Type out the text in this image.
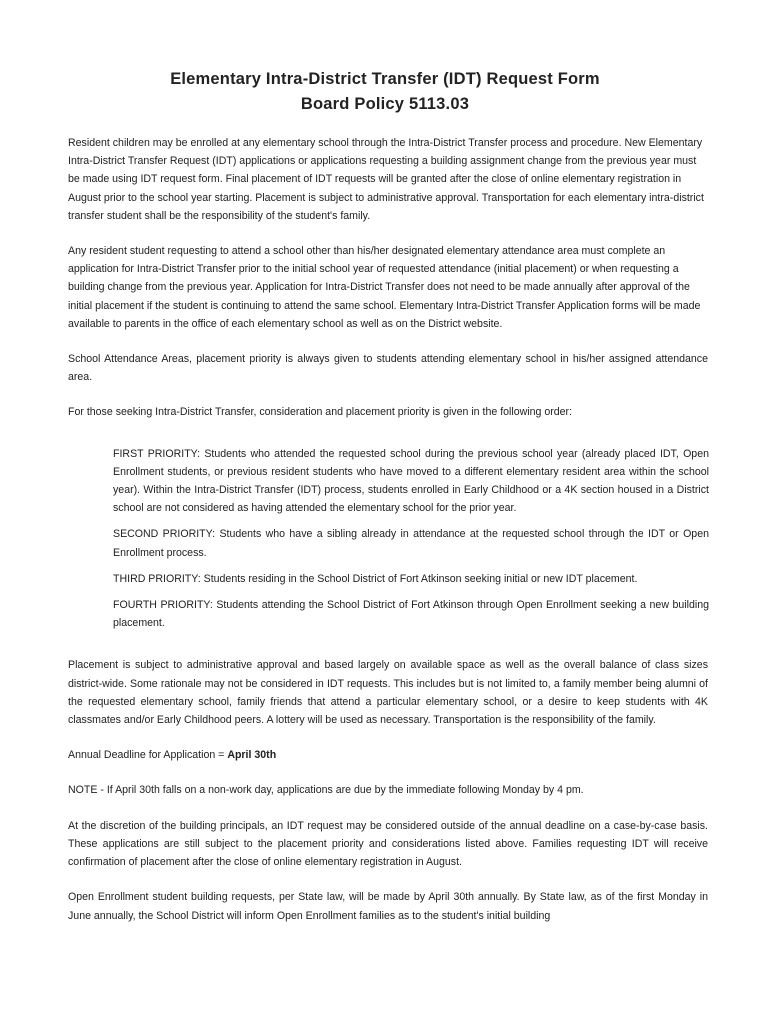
Elementary Intra-District Transfer (IDT) Request Form
Board Policy 5113.03

Resident children may be enrolled at any elementary school through the Intra-District Transfer process and procedure. New Elementary Intra-District Transfer Request (IDT) applications or applications requesting a building assignment change from the previous year must be made using IDT request form. Final placement of IDT requests will be granted after the close of online elementary registration in August prior to the school year starting. Placement is subject to administrative approval. Transportation for each elementary intra-district transfer student shall be the responsibility of the student's family.

Any resident student requesting to attend a school other than his/her designated elementary attendance area must complete an application for Intra-District Transfer prior to the initial school year of requested attendance (initial placement) or when requesting a building change from the previous year. Application for Intra-District Transfer does not need to be made annually after approval of the initial placement if the student is continuing to attend the same school. Elementary Intra-District Transfer Application forms will be made available to parents in the office of each elementary school as well as on the District website.

School Attendance Areas, placement priority is always given to students attending elementary school in his/her assigned attendance area.

For those seeking Intra-District Transfer, consideration and placement priority is given in the following order:

FIRST PRIORITY: Students who attended the requested school during the previous school year (already placed IDT, Open Enrollment students, or previous resident students who have moved to a different elementary resident area within the school year). Within the Intra-District Transfer (IDT) process, students enrolled in Early Childhood or a 4K section housed in a District school are not considered as having attended the elementary school for the prior year.

SECOND PRIORITY: Students who have a sibling already in attendance at the requested school through the IDT or Open Enrollment process.

THIRD PRIORITY: Students residing in the School District of Fort Atkinson seeking initial or new IDT placement.

FOURTH PRIORITY: Students attending the School District of Fort Atkinson through Open Enrollment seeking a new building placement.

Placement is subject to administrative approval and based largely on available space as well as the overall balance of class sizes district-wide. Some rationale may not be considered in IDT requests. This includes but is not limited to, a family member being alumni of the requested elementary school, family friends that attend a particular elementary school, or a desire to keep students with 4K classmates and/or Early Childhood peers. A lottery will be used as necessary. Transportation is the responsibility of the family.

Annual Deadline for Application = April 30th

NOTE - If April 30th falls on a non-work day, applications are due by the immediate following Monday by 4 pm.

At the discretion of the building principals, an IDT request may be considered outside of the annual deadline on a case-by-case basis. These applications are still subject to the placement priority and considerations listed above. Families requesting IDT will receive confirmation of placement after the close of online elementary registration in August.

Open Enrollment student building requests, per State law, will be made by April 30th annually. By State law, as of the first Monday in June annually, the School District will inform Open Enrollment families as to the student's initial building
